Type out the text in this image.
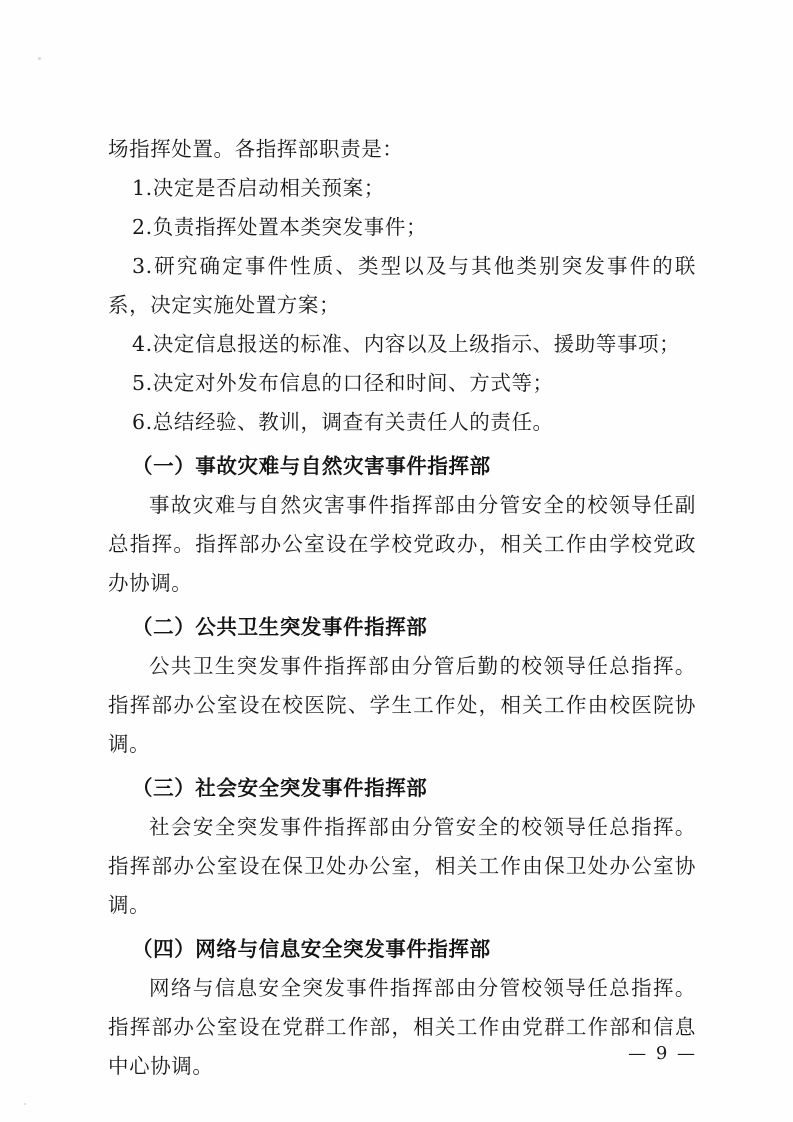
场指挥处置。各指挥部职责是：

1.决定是否启动相关预案；

2.负责指挥处置本类突发事件；

3.研究确定事件性质、类型以及与其他类别突发事件的联系，决定实施处置方案；

4.决定信息报送的标准、内容以及上级指示、援助等事项；

5.决定对外发布信息的口径和时间、方式等；

6.总结经验、教训，调查有关责任人的责任。

（一）事故灾难与自然灾害事件指挥部

事故灾难与自然灾害事件指挥部由分管安全的校领导任副总指挥。指挥部办公室设在学校党政办，相关工作由学校党政办协调。

（二）公共卫生突发事件指挥部

公共卫生突发事件指挥部由分管后勤的校领导任总指挥。指挥部办公室设在校医院、学生工作处，相关工作由校医院协调。

（三）社会安全突发事件指挥部

社会安全突发事件指挥部由分管安全的校领导任总指挥。指挥部办公室设在保卫处办公室，相关工作由保卫处办公室协调。

（四）网络与信息安全突发事件指挥部

网络与信息安全突发事件指挥部由分管校领导任总指挥。指挥部办公室设在党群工作部，相关工作由党群工作部和信息中心协调。

— 9 —
